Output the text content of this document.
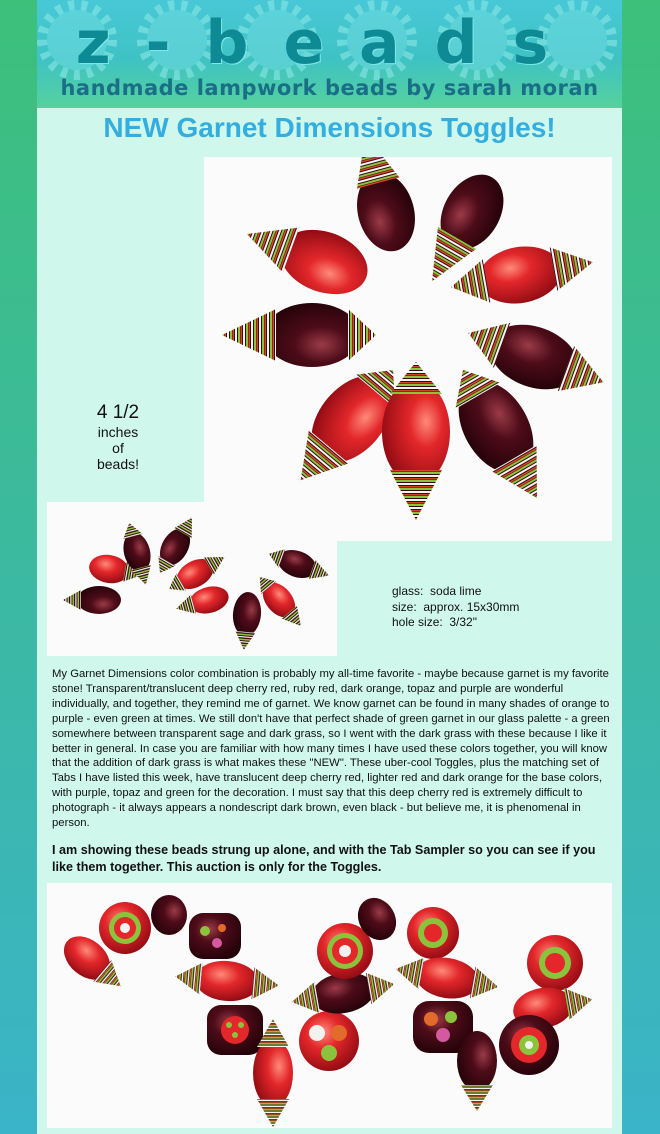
z-beads
handmade lampwork beads by sarah moran
NEW Garnet Dimensions Toggles!
4 1/2
inches
of
beads!
glass:  soda lime
size:  approx. 15x30mm
hole size:  3/32"
My Garnet Dimensions color combination is probably my all-time favorite - maybe because garnet is my favorite stone! Transparent/translucent deep cherry red, ruby red, dark orange, topaz and purple are wonderful individually, and together, they remind me of garnet. We know garnet can be found in many shades of orange to purple - even green at times. We still don't have that perfect shade of green garnet in our glass palette - a green somewhere between transparent sage and dark grass, so I went with the dark grass with these because I like it better in general. In case you are familiar with how many times I have used these colors together, you will know that the addition of dark grass is what makes these "NEW". These uber-cool Toggles, plus the matching set of Tabs I have listed this week, have translucent deep cherry red, lighter red and dark orange for the base colors, with purple, topaz and green for the decoration. I must say that this deep cherry red is extremely difficult to photograph - it always appears a nondescript dark brown, even black - but believe me, it is phenomenal in person.
I am showing these beads strung up alone, and with the Tab Sampler so you can see if you like them together. This auction is only for the Toggles.
